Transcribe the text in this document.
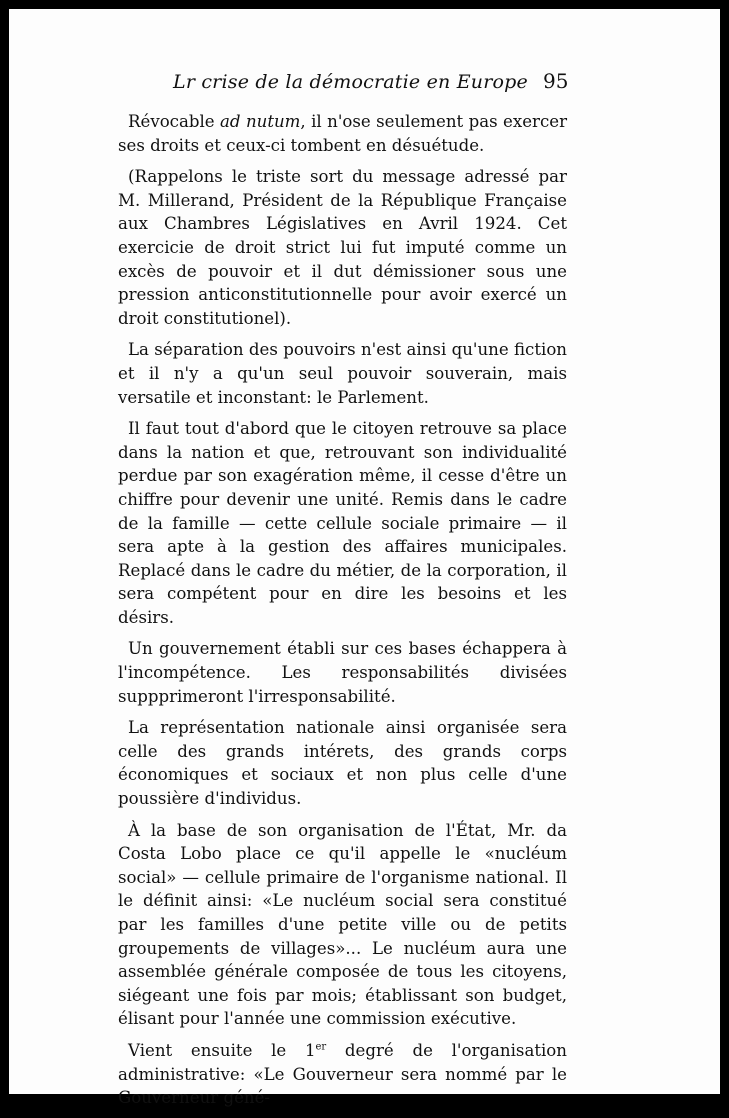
Lr crise de la démocratie en Europe 95

Révocable ad nutum, il n'ose seulement pas exercer ses droits et ceux-ci tombent en désuétude.

(Rappelons le triste sort du message adressé par M. Millerand, Président de la République Française aux Chambres Législatives en Avril 1924. Cet exercicie de droit strict lui fut imputé comme un excès de pouvoir et il dut démissioner sous une pression anticonstitutionnelle pour avoir exercé un droit constitutionel).

La séparation des pouvoirs n'est ainsi qu'une fiction et il n'y a qu'un seul pouvoir souverain, mais versatile et inconstant: le Parlement.

Il faut tout d'abord que le citoyen retrouve sa place dans la nation et que, retrouvant son individualité perdue par son exagération même, il cesse d'être un chiffre pour devenir une unité. Remis dans le cadre de la famille — cette cellule sociale primaire — il sera apte à la gestion des affaires municipales. Replacé dans le cadre du métier, de la corporation, il sera compétent pour en dire les besoins et les désirs.

Un gouvernement établi sur ces bases échappera à l'incompétence. Les responsabilités divisées suppprimeront l'irresponsabilité.

La représentation nationale ainsi organisée sera celle des grands intérets, des grands corps économiques et sociaux et non plus celle d'une poussière d'individus.

À la base de son organisation de l'État, Mr. da Costa Lobo place ce qu'il appelle le «nucléum social» — cellule primaire de l'organisme national. Il le définit ainsi: «Le nucléum social sera constitué par les familles d'une petite ville ou de petits groupements de villages»... Le nucléum aura une assemblée générale composée de tous les citoyens, siégeant une fois par mois; établissant son budget, élisant pour l'année une commission exécutive.

Vient ensuite le 1er degré de l'organisation administrative: «Le Gouverneur sera nommé par le Gouverneur géné-
